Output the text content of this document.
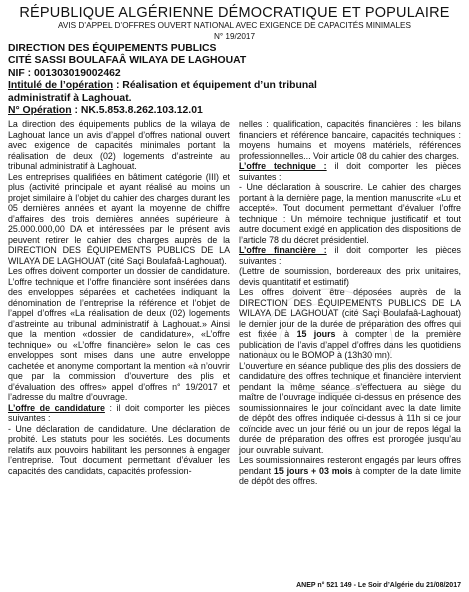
RÉPUBLIQUE ALGÉRIENNE DÉMOCRATIQUE ET POPULAIRE
AVIS D’APPEL D’OFFRES OUVERT NATIONAL AVEC EXIGENCE DE CAPACITÉS MINIMALES
N° 19/2017
DIRECTION DES ÉQUIPEMENTS PUBLICS
CITÉ SASSI BOULAFAÂ WILAYA DE LAGHOUAT
NIF : 001303019002462
Intitulé de l’opération : Réalisation et équipement d’un tribunal administratif à Laghouat.
N° Opération : NK.5.853.8.262.103.12.01

La direction des équipements publics de la wilaya de Laghouat lance un avis d’appel d’offres national ouvert avec exigence de capacités minimales portant la réalisation de deux (02) logements d’astreinte au tribunal administratif à Laghouat.

Les entreprises qualifiées en bâtiment catégorie (III) et plus (activité principale et ayant réalisé au moins un projet similaire à l’objet du cahier des charges durant les 05 dernières années et ayant la moyenne de chiffre d’affaires des trois dernières années supérieure à 25.000.000,00 DA et intéressées par le présent avis peuvent retirer le cahier des charges auprès de la DIRECTION DES ÉQUIPEMENTS PUBLICS DE LA WILAYA DE LAGHOUAT (cité Saçi Boulafaâ-Laghouat).

Les offres doivent comporter un dossier de candidature. L’offre technique et l’offre financière sont insérées dans des enveloppes séparées et cachetées indiquant la dénomination de l’entreprise la référence et l’objet de l’appel d’offres «La réalisation de deux (02) logements d’astreinte au tribunal administratif à Laghouat.» Ainsi que la mention «dossier de candidature», «L’offre technique» ou «L’offre financière» selon le cas ces enveloppes sont mises dans une autre enveloppe cachetée et anonyme comportant la mention «à n’ouvrir que par la commission d’ouverture des plis et d’évaluation des offres» appel d’offres n° 19/2017 et l’adresse du maître d’ouvrage.

L’offre de candidature : il doit comporter les pièces suivantes :

- Une déclaration de candidature. Une déclaration de probité. Les statuts pour les sociétés. Les documents relatifs aux pouvoirs habilitant les personnes à engager l’entreprise. Tout document permettant d’évaluer les capacités des candidats, capacités profession-

nelles : qualification, capacités financières : les bilans financiers et référence bancaire, capacités techniques : moyens humains et moyens matériels, références professionnelles... Voir article 08 du cahier des charges.

L’offre technique : il doit comporter les pièces suivantes :

- Une déclaration à souscrire. Le cahier des charges portant à la dernière page, la mention manuscrite «Lu et accepté». Tout document permettant d’évaluer l’offre technique : Un mémoire technique justificatif et tout autre document exigé en application des dispositions de l’article 78 du décret présidentiel.

L’offre financière : il doit comporter les pièces suivantes :

(Lettre de soumission, bordereaux des prix unitaires, devis quantitatif et estimatif)

Les offres doivent être déposées auprès de la DIRECTION DES ÉQUIPEMENTS PUBLICS DE LA WILAYA DE LAGHOUAT (cité Saçi Boulafaâ-Laghouat) le dernier jour de la durée de préparation des offres qui est fixée à 15 jours à compter de la première publication de l’avis d’appel d’offres dans les quotidiens nationaux ou le BOMOP à (13h30 mn).

L’ouverture en séance publique des plis des dossiers de candidature des offres technique et financière intervient pendant la même séance s’effectuera au siège du maître de l’ouvrage indiquée ci-dessus en présence des soumissionnaires le jour coïncidant avec la date limite de dépôt des offres indiquée ci-dessus à 11h si ce jour coïncide avec un jour férié ou un jour de repos légal la durée de préparation des offres est prorogée jusqu’au jour ouvrable suivant.

Les soumissionnaires resteront engagés par leurs offres pendant 15 jours + 03 mois à compter de la date limite de dépôt des offres.

ANEP n° 521 149 - Le Soir d’Algérie du 21/08/2017
